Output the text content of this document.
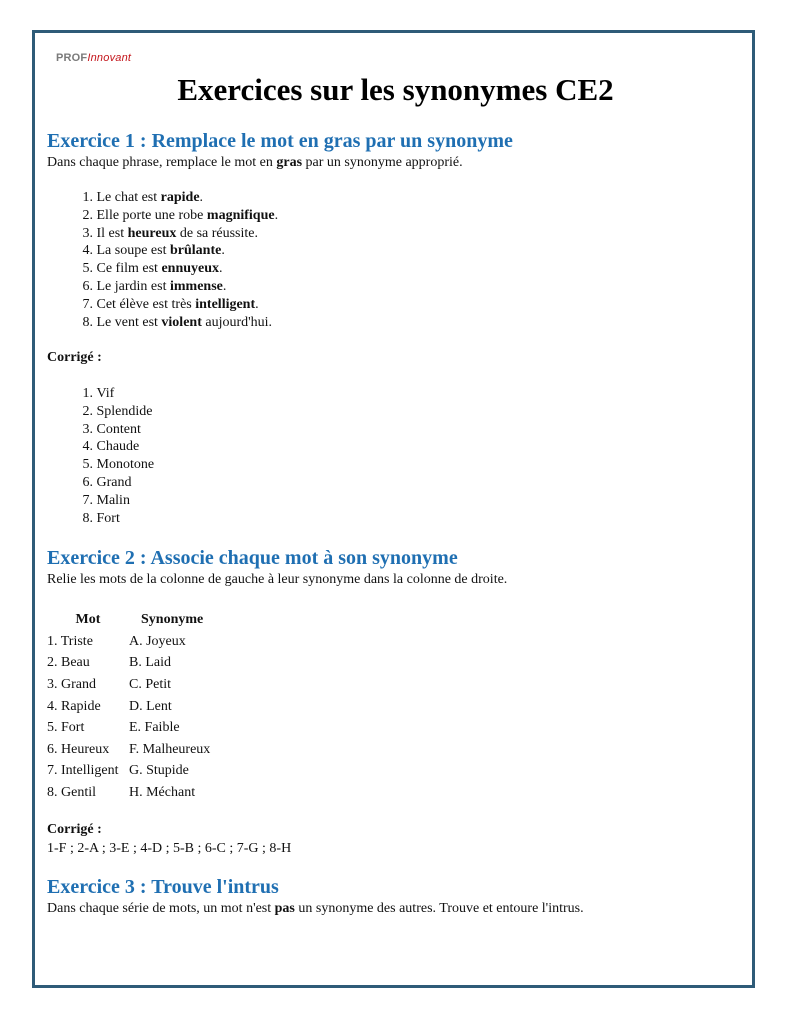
PROFInnovant
Exercices sur les synonymes CE2
Exercice 1 : Remplace le mot en gras par un synonyme

Dans chaque phrase, remplace le mot en gras par un synonyme approprié.

1. Le chat est rapide.
2. Elle porte une robe magnifique.
3. Il est heureux de sa réussite.
4. La soupe est brûlante.
5. Ce film est ennuyeux.
6. Le jardin est immense.
7. Cet élève est très intelligent.
8. Le vent est violent aujourd'hui.

Corrigé :

1. Vif
2. Splendide
3. Content
4. Chaude
5. Monotone
6. Grand
7. Malin
8. Fort
Exercice 2 : Associe chaque mot à son synonyme

Relie les mots de la colonne de gauche à leur synonyme dans la colonne de droite.

Mot	Synonyme
1. Triste	A. Joyeux
2. Beau	B. Laid
3. Grand	C. Petit
4. Rapide	D. Lent
5. Fort	E. Faible
6. Heureux	F. Malheureux
7. Intelligent	G. Stupide
8. Gentil	H. Méchant

Corrigé :

1-F ; 2-A ; 3-E ; 4-D ; 5-B ; 6-C ; 7-G ; 8-H

Exercice 3 : Trouve l'intrus

Dans chaque série de mots, un mot n'est pas un synonyme des autres. Trouve et entoure l'intrus.
